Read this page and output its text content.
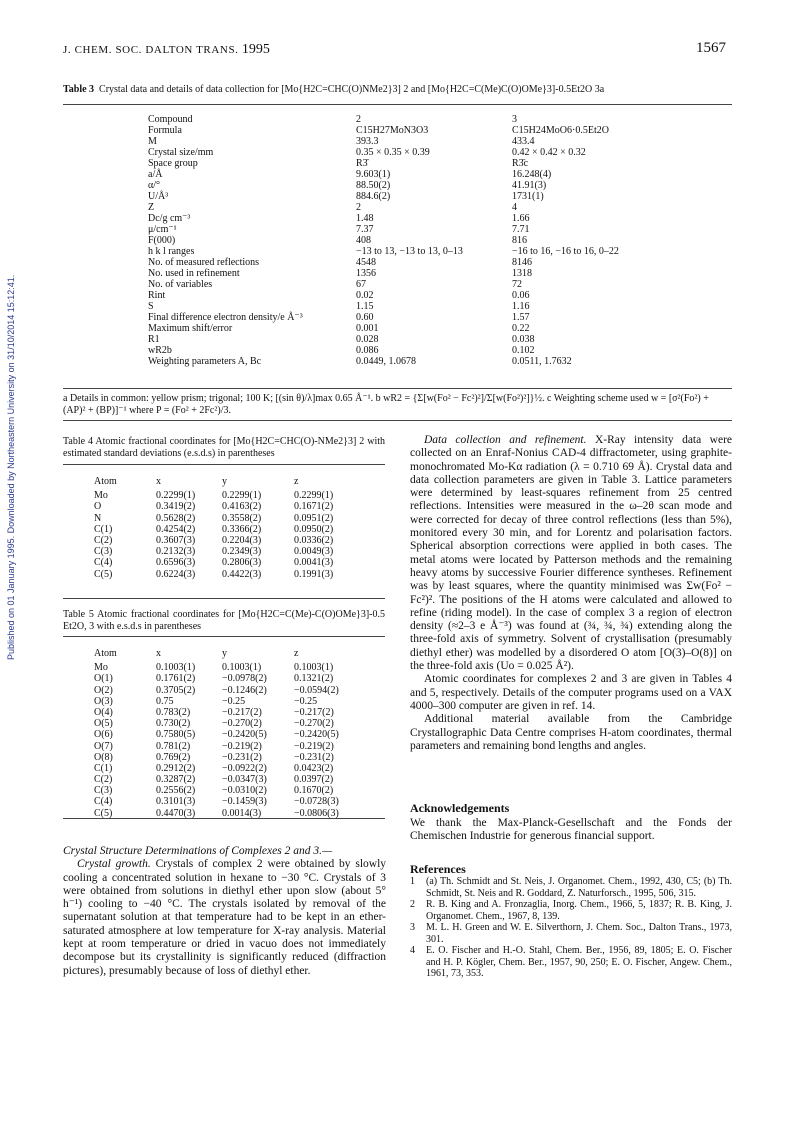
J. CHEM. SOC. DALTON TRANS. 1995	1567
Published on 01 January 1995. Downloaded by Northeastern University on 31/10/2014 15:12:41.
Table 3 Crystal data and details of data collection for [Mo{H2C=CHC(O)NMe2}3] 2 and [Mo{H2C=C(Me)C(O)OMe}3]-0.5Et2O 3a
Compound	2	3
Formula	C15H27MoN3O3	C15H24MoO6·0.5Et2O
M	393.3	433.4
Crystal size/mm	0.35 × 0.35 × 0.39	0.42 × 0.42 × 0.32
Space group	R3̄	R3̄c
a/Å	9.603(1)	16.248(4)
α/°	88.50(2)	41.91(3)
U/Å³	884.6(2)	1731(1)
Z	2	4
Dc/g cm⁻³	1.48	1.66
μ/cm⁻¹	7.37	7.71
F(000)	408	816
h k l ranges	−13 to 13, −13 to 13, 0–13	−16 to 16, −16 to 16, 0–22
No. of measured reflections	4548	8146
No. used in refinement	1356	1318
No. of variables	67	72
Rint	0.02	0.06
S	1.15	1.16
Final difference electron density/e Å⁻³	0.60	1.57
Maximum shift/error	0.001	0.22
R1	0.028	0.038
wR2b	0.086	0.102
Weighting parameters A, Bc	0.0449, 1.0678	0.0511, 1.7632
a Details in common: yellow prism; trigonal; 100 K; [(sin θ)/λ]max 0.65 Å⁻¹. b wR2 = {Σ[w(Fo² − Fc²)²]/Σ[w(Fo²)²]}½. c Weighting scheme used w = [σ²(Fo²) + (AP)² + (BP)]⁻¹ where P = (Fo² + 2Fc²)/3.
Table 4 Atomic fractional coordinates for [Mo{H2C=CHC(O)-NMe2}3] 2 with estimated standard deviations (e.s.d.s) in parentheses
Atom	x	y	z
Mo	0.2299(1)	0.2299(1)	0.2299(1)
O	0.3419(2)	0.4163(2)	0.1671(2)
N	0.5628(2)	0.3558(2)	0.0951(2)
C(1)	0.4254(2)	0.3366(2)	0.0950(2)
C(2)	0.3607(3)	0.2204(3)	0.0336(2)
C(3)	0.2132(3)	0.2349(3)	0.0049(3)
C(4)	0.6596(3)	0.2806(3)	0.0041(3)
C(5)	0.6224(3)	0.4422(3)	0.1991(3)
Table 5 Atomic fractional coordinates for [Mo{H2C=C(Me)-C(O)OMe}3]-0.5 Et2O, 3 with e.s.d.s in parentheses
Atom	x	y	z
Mo	0.1003(1)	0.1003(1)	0.1003(1)
O(1)	0.1761(2)	−0.0978(2)	0.1321(2)
O(2)	0.3705(2)	−0.1246(2)	−0.0594(2)
O(3)	0.75	−0.25	−0.25
O(4)	0.783(2)	−0.217(2)	−0.217(2)
O(5)	0.730(2)	−0.270(2)	−0.270(2)
O(6)	0.7580(5)	−0.2420(5)	−0.2420(5)
O(7)	0.781(2)	−0.219(2)	−0.219(2)
O(8)	0.769(2)	−0.231(2)	−0.231(2)
C(1)	0.2912(2)	−0.0922(2)	0.0423(2)
C(2)	0.3287(2)	−0.0347(3)	0.0397(2)
C(3)	0.2556(2)	−0.0310(2)	0.1670(2)
C(4)	0.3101(3)	−0.1459(3)	−0.0728(3)
C(5)	0.4470(3)	0.0014(3)	−0.0806(3)

Crystal Structure Determinations of Complexes 2 and 3.—

Crystal growth. Crystals of complex 2 were obtained by slowly cooling a concentrated solution in hexane to −30 °C. Crystals of 3 were obtained from solutions in diethyl ether upon slow (about 5° h⁻¹) cooling to −40 °C. The crystals isolated by removal of the supernatant solution at that temperature had to be kept in an ether-saturated atmosphere at low temperature for X-ray analysis. Material kept at room temperature or dried in vacuo does not immediately decompose but its crystallinity is significantly reduced (diffraction pictures), presumably because of loss of diethyl ether.

Data collection and refinement. X-Ray intensity data were collected on an Enraf-Nonius CAD-4 diffractometer, using graphite-monochromated Mo-Kα radiation (λ = 0.710 69 Å). Crystal data and data collection parameters are given in Table 3. Lattice parameters were determined by least-squares refinement from 25 centred reflections. Intensities were measured in the ω–2θ scan mode and were corrected for decay of three control reflections (less than 5%), monitored every 30 min, and for Lorentz and polarisation factors. Spherical absorption corrections were applied in both cases. The metal atoms were located by Patterson methods and the remaining heavy atoms by successive Fourier difference syntheses. Refinement was by least squares, where the quantity minimised was Σw(Fo² − Fc²)². The positions of the H atoms were calculated and allowed to refine (riding model). In the case of complex 3 a region of electron density (≈2–3 e Å⁻³) was found at (¾, ¾, ¾) extending along the three-fold axis of symmetry. Solvent of crystallisation (presumably diethyl ether) was modelled by a disordered O atom [O(3)–O(8)] on the three-fold axis (Uo = 0.025 Å²).

Atomic coordinates for complexes 2 and 3 are given in Tables 4 and 5, respectively. Details of the computer programs used on a VAX 4000–300 computer are given in ref. 14.

Additional material available from the Cambridge Crystallographic Data Centre comprises H-atom coordinates, thermal parameters and remaining bond lengths and angles.

Acknowledgements
We thank the Max-Planck-Gesellschaft and the Fonds der Chemischen Industrie for generous financial support.
References
1	(a) Th. Schmidt and St. Neis, J. Organomet. Chem., 1992, 430, C5; (b) Th. Schmidt, St. Neis and R. Goddard, Z. Naturforsch., 1995, 506, 315.
2	R. B. King and A. Fronzaglia, Inorg. Chem., 1966, 5, 1837; R. B. King, J. Organomet. Chem., 1967, 8, 139.
3	M. L. H. Green and W. E. Silverthorn, J. Chem. Soc., Dalton Trans., 1973, 301.
4	E. O. Fischer and H.-O. Stahl, Chem. Ber., 1956, 89, 1805; E. O. Fischer and H. P. Kögler, Chem. Ber., 1957, 90, 250; E. O. Fischer, Angew. Chem., 1961, 73, 353.
